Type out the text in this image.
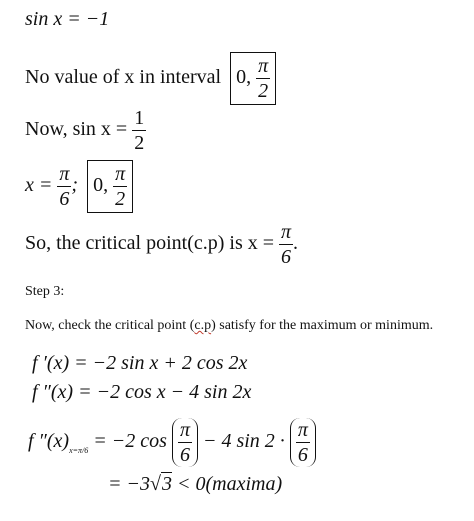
sin x = −1
No value of x in interval 0, $\frac{\pi}{2}$
Now, $\sin x = \frac{1}{2}$
$x = \frac{\pi}{6}$ ; 0, $\frac{\pi}{2}$
So, the critical point(c.p) is $x = \frac{\pi}{6}$ .
Step 3:
Now, check the critical point (c.p) satisfy for the maximum or minimum.
f ′(x) = −2 sin x + 2 cos 2x
f ″(x) = −2 cos x − 4 sin 2x
f $''(x)_{x=\pi/6} = -2$ $\cos \frac{\pi}{6} - 4$ $\sin 2 \cdot \frac{\pi}{6}$
= −3√3 < 0(maxima)
